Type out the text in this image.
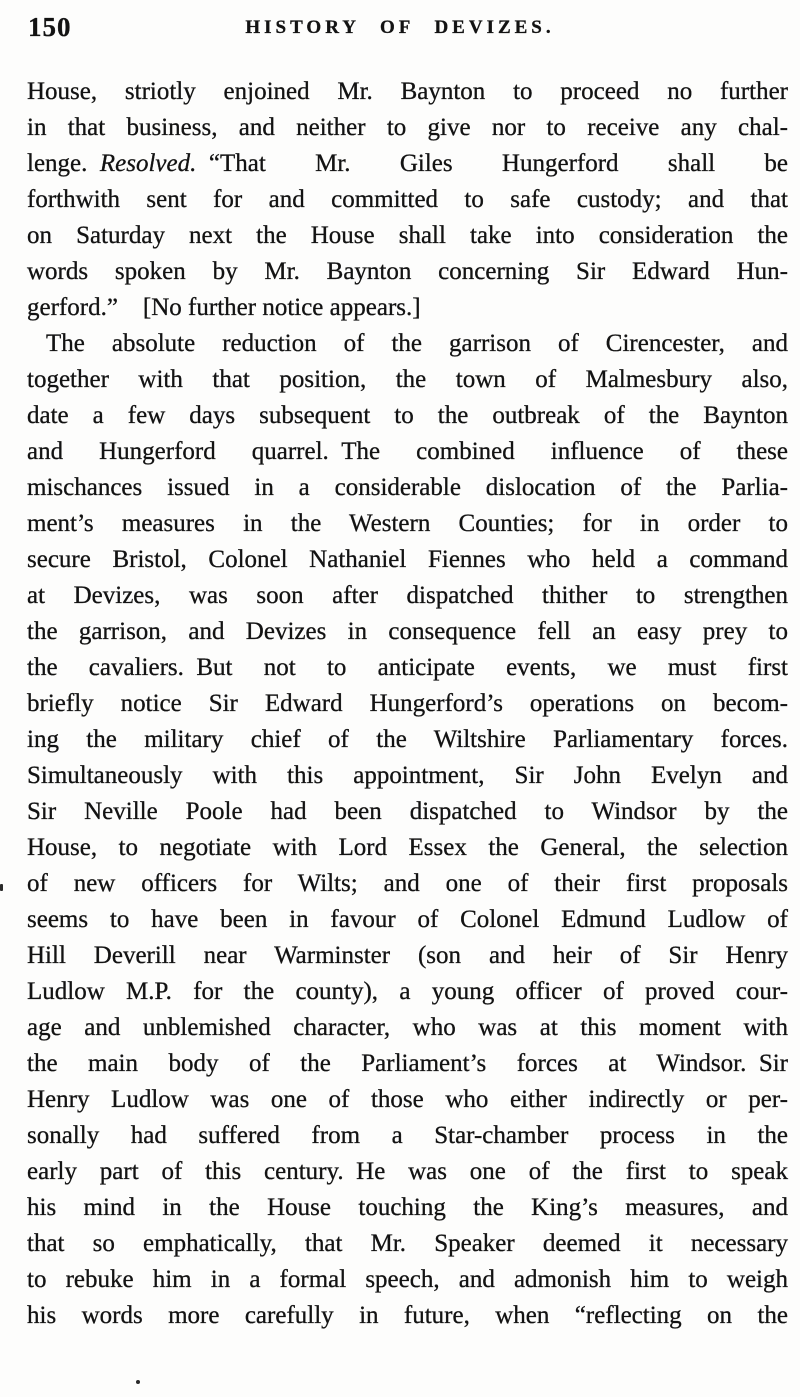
150	HISTORY OF DEVIZES.
House, striotly enjoined Mr. Baynton to proceed no further
in that business, and neither to give nor to receive any chal-
lenge. Resolved. “That Mr. Giles Hungerford shall be
forthwith sent for and committed to safe custody; and that
on Saturday next the House shall take into consideration the
words spoken by Mr. Baynton concerning Sir Edward Hun-
gerford.” [No further notice appears.]
The absolute reduction of the garrison of Cirencester, and
together with that position, the town of Malmesbury also,
date a few days subsequent to the outbreak of the Baynton
and Hungerford quarrel. The combined influence of these
mischances issued in a considerable dislocation of the Parlia-
ment’s measures in the Western Counties; for in order to
secure Bristol, Colonel Nathaniel Fiennes who held a command
at Devizes, was soon after dispatched thither to strengthen
the garrison, and Devizes in consequence fell an easy prey to
the cavaliers. But not to anticipate events, we must first
briefly notice Sir Edward Hungerford’s operations on becom-
ing the military chief of the Wiltshire Parliamentary forces.
Simultaneously with this appointment, Sir John Evelyn and
Sir Neville Poole had been dispatched to Windsor by the
House, to negotiate with Lord Essex the General, the selection
of new officers for Wilts; and one of their first proposals
seems to have been in favour of Colonel Edmund Ludlow of
Hill Deverill near Warminster (son and heir of Sir Henry
Ludlow M.P. for the county), a young officer of proved cour-
age and unblemished character, who was at this moment with
the main body of the Parliament’s forces at Windsor. Sir
Henry Ludlow was one of those who either indirectly or per-
sonally had suffered from a Star-chamber process in the
early part of this century. He was one of the first to speak
his mind in the House touching the King’s measures, and
that so emphatically, that Mr. Speaker deemed it necessary
to rebuke him in a formal speech, and admonish him to weigh
his words more carefully in future, when “reflecting on the
